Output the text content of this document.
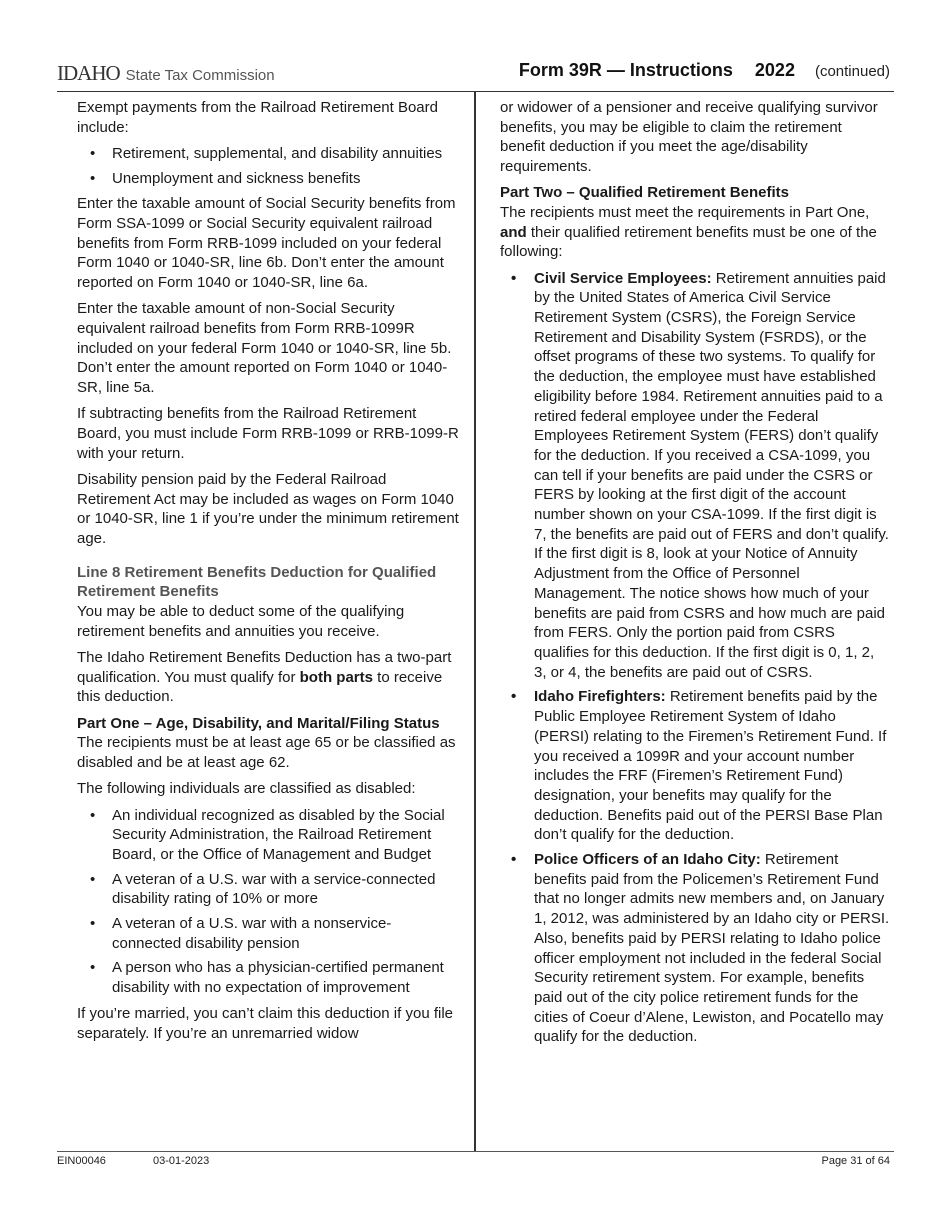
IDAHO State Tax Commission	Form 39R — Instructions 2022 (continued)

Exempt payments from the Railroad Retirement Board include:

• Retirement, supplemental, and disability annuities
• Unemployment and sickness benefits

Enter the taxable amount of Social Security benefits from Form SSA-1099 or Social Security equivalent railroad benefits from Form RRB-1099 included on your federal Form 1040 or 1040-SR, line 6b. Don’t enter the amount reported on Form 1040 or 1040-SR, line 6a.

Enter the taxable amount of non-Social Security equivalent railroad benefits from Form RRB-1099R included on your federal Form 1040 or 1040-SR, line 5b. Don’t enter the amount reported on Form 1040 or 1040-SR, line 5a.

If subtracting benefits from the Railroad Retirement Board, you must include Form RRB-1099 or RRB-1099-R with your return.

Disability pension paid by the Federal Railroad Retirement Act may be included as wages on Form 1040 or 1040-SR, line 1 if you’re under the minimum retirement age.

Line 8 Retirement Benefits Deduction for Qualified Retirement Benefits

You may be able to deduct some of the qualifying retirement benefits and annuities you receive.

The Idaho Retirement Benefits Deduction has a two-part qualification. You must qualify for both parts to receive this deduction.

Part One – Age, Disability, and Marital/Filing Status

The recipients must be at least age 65 or be classified as disabled and be at least age 62.

The following individuals are classified as disabled:

• An individual recognized as disabled by the Social Security Administration, the Railroad Retirement Board, or the Office of Management and Budget
• A veteran of a U.S. war with a service-connected disability rating of 10% or more
• A veteran of a U.S. war with a nonservice-connected disability pension
• A person who has a physician-certified permanent disability with no expectation of improvement

If you’re married, you can’t claim this deduction if you file separately. If you’re an unremarried widow

or widower of a pensioner and receive qualifying survivor benefits, you may be eligible to claim the retirement benefit deduction if you meet the age/disability requirements.

Part Two – Qualified Retirement Benefits

The recipients must meet the requirements in Part One, and their qualified retirement benefits must be one of the following:

• Civil Service Employees: Retirement annuities paid by the United States of America Civil Service Retirement System (CSRS), the Foreign Service Retirement and Disability System (FSRDS), or the offset programs of these two systems. To qualify for the deduction, the employee must have established eligibility before 1984. Retirement annuities paid to a retired federal employee under the Federal Employees Retirement System (FERS) don’t qualify for the deduction. If you received a CSA-1099, you can tell if your benefits are paid under the CSRS or FERS by looking at the first digit of the account number shown on your CSA-1099. If the first digit is 7, the benefits are paid out of FERS and don’t qualify. If the first digit is 8, look at your Notice of Annuity Adjustment from the Office of Personnel Management. The notice shows how much of your benefits are paid from CSRS and how much are paid from FERS. Only the portion paid from CSRS qualifies for this deduction. If the first digit is 0, 1, 2, 3, or 4, the benefits are paid out of CSRS.
• Idaho Firefighters: Retirement benefits paid by the Public Employee Retirement System of Idaho (PERSI) relating to the Firemen’s Retirement Fund. If you received a 1099R and your account number includes the FRF (Firemen’s Retirement Fund) designation, your benefits may qualify for the deduction. Benefits paid out of the PERSI Base Plan don’t qualify for the deduction.
• Police Officers of an Idaho City: Retirement benefits paid from the Policemen’s Retirement Fund that no longer admits new members and, on January 1, 2012, was administered by an Idaho city or PERSI. Also, benefits paid by PERSI relating to Idaho police officer employment not included in the federal Social Security retirement system. For example, benefits paid out of the city police retirement funds for the cities of Coeur d’Alene, Lewiston, and Pocatello may qualify for the deduction.
EIN00046	03-01-2023	Page 31 of 64
